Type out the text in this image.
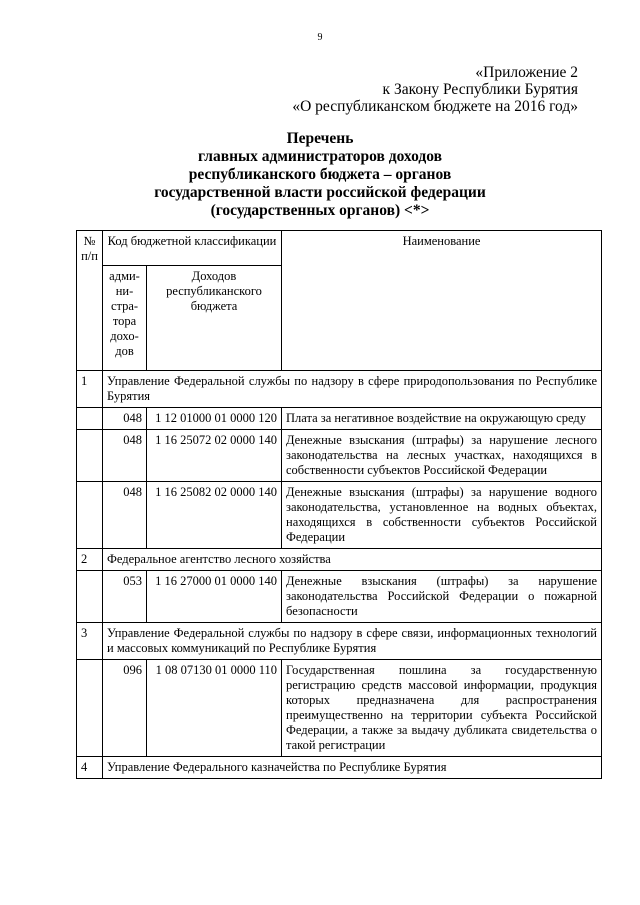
9
«Приложение 2
к Закону Республики Бурятия
«О республиканском бюджете на 2016 год»
Перечень
главных администраторов доходов
республиканского бюджета – органов
государственной власти российской федерации
(государственных органов) <*>
№ п/п	Код бюджетной классификации		Наименование
	адми-ни-стра-тора дохо-дов	Доходов республиканского бюджета	
1	Управление Федеральной службы по надзору в сфере природопользования по Республике Бурятия		
	048	1 12 01000 01 0000 120	Плата за негативное воздействие на окружающую среду
	048	1 16 25072 02 0000 140	Денежные взыскания (штрафы) за нарушение лесного законодательства на лесных участках, находящихся в собственности субъектов Российской Федерации
	048	1 16 25082 02 0000 140	Денежные взыскания (штрафы) за нарушение водного законодательства, установленное на водных объектах, находящихся в собственности субъектов Российской Федерации
2	Федеральное агентство лесного хозяйства		
	053	1 16 27000 01 0000 140	Денежные взыскания (штрафы) за нарушение законодательства Российской Федерации о пожарной безопасности
3	Управление Федеральной службы по надзору в сфере связи, информационных технологий и массовых коммуникаций по Республике Бурятия		
	096	1 08 07130 01 0000 110	Государственная пошлина за государственную регистрацию средств массовой информации, продукция которых предназначена для распространения преимущественно на территории субъекта Российской Федерации, а также за выдачу дубликата свидетельства о такой регистрации
4	Управление Федерального казначейства по Республике Бурятия		
